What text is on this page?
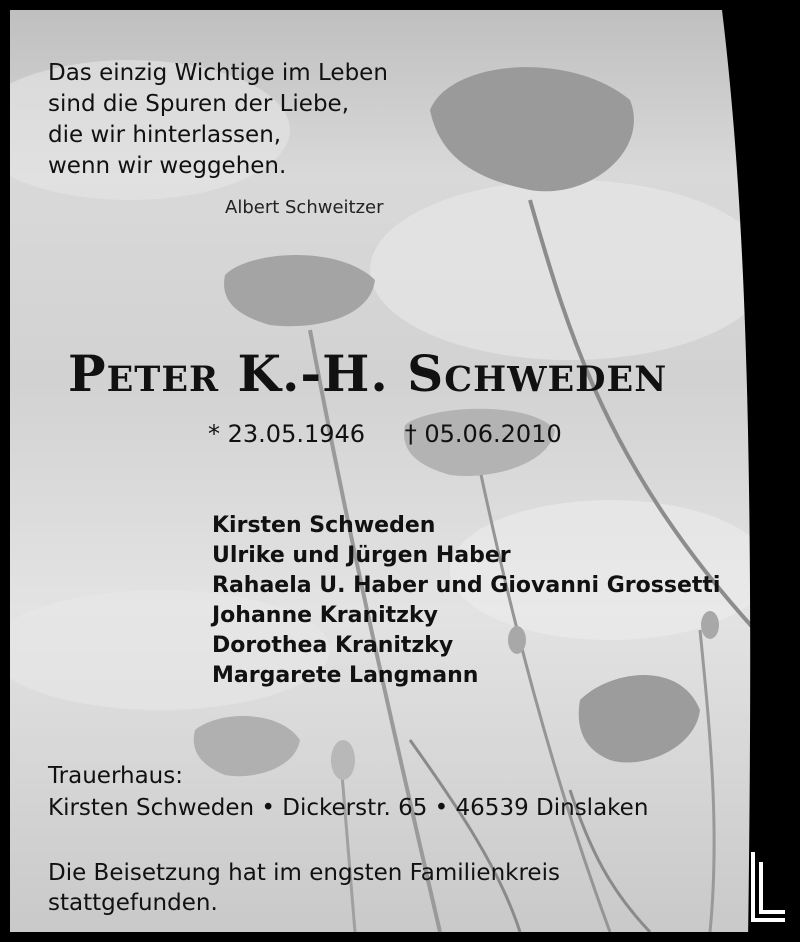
Das einzig Wichtige im Leben
sind die Spuren der Liebe,
die wir hinterlassen,
wenn wir weggehen.
Albert Schweitzer
Peter K.-H. Schweden
* 23.05.1946 † 05.06.2010
Kirsten Schweden
Ulrike und Jürgen Haber
Rahaela U. Haber und Giovanni Grossetti
Johanne Kranitzky
Dorothea Kranitzky
Margarete Langmann
Trauerhaus:
Kirsten Schweden • Dickerstr. 65 • 46539 Dinslaken
Die Beisetzung hat im engsten Familienkreis
stattgefunden.
